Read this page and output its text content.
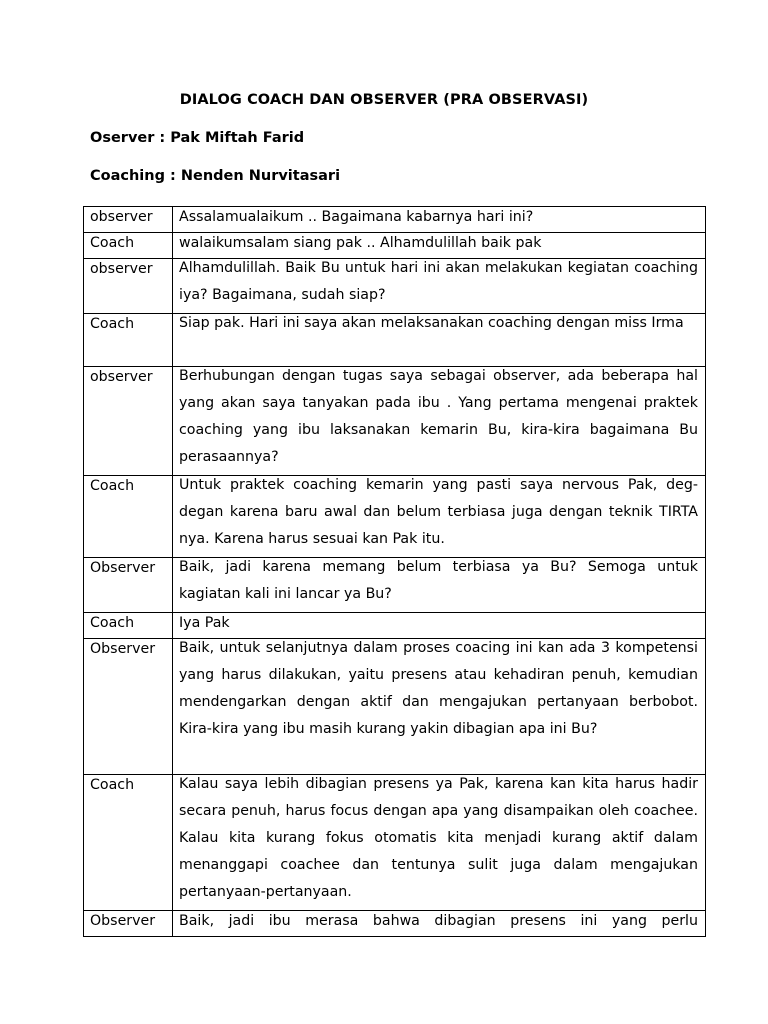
DIALOG COACH DAN OBSERVER (PRA OBSERVASI)
Oserver : Pak Miftah Farid
Coaching : Nenden Nurvitasari
observer	Assalamualaikum .. Bagaimana kabarnya hari ini?
Coach	walaikumsalam siang pak .. Alhamdulillah baik pak
observer	Alhamdulillah. Baik Bu untuk hari ini akan melakukan kegiatan coaching iya? Bagaimana, sudah siap?
Coach	Siap pak. Hari ini saya akan melaksanakan coaching dengan miss Irma
observer	Berhubungan dengan tugas saya sebagai observer, ada beberapa hal yang akan saya tanyakan pada ibu . Yang pertama mengenai praktek coaching yang ibu laksanakan kemarin Bu, kira-kira bagaimana Bu perasaannya?
Coach	Untuk praktek coaching kemarin yang pasti saya nervous Pak, deg-degan karena baru awal dan belum terbiasa juga dengan teknik TIRTA nya. Karena harus sesuai kan Pak itu.
Observer	Baik, jadi karena memang belum terbiasa ya Bu? Semoga untuk kagiatan kali ini lancar ya Bu?
Coach	Iya Pak
Observer	Baik, untuk selanjutnya dalam proses coacing ini kan ada 3 kompetensi yang harus dilakukan, yaitu presens atau kehadiran penuh, kemudian mendengarkan dengan aktif dan mengajukan pertanyaan berbobot. Kira-kira yang ibu masih kurang yakin dibagian apa ini Bu?
Coach	Kalau saya lebih dibagian presens ya Pak, karena kan kita harus hadir secara penuh, harus focus dengan apa yang disampaikan oleh coachee. Kalau kita kurang fokus otomatis kita menjadi kurang aktif dalam menanggapi coachee dan tentunya sulit juga dalam mengajukan pertanyaan-pertanyaan.
Observer	Baik, jadi ibu merasa bahwa dibagian presens ini yang perlu
